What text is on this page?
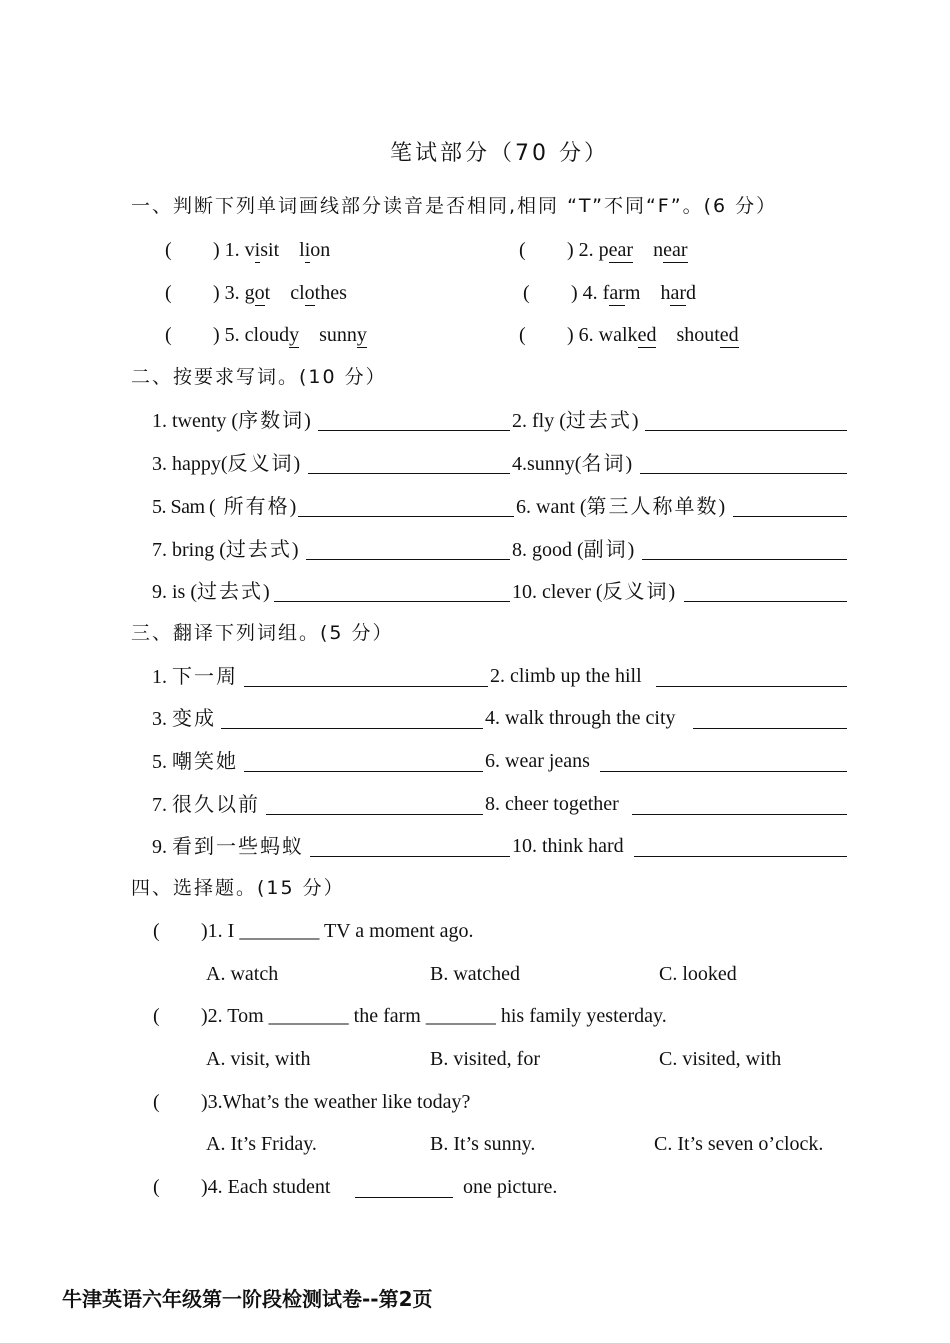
笔试部分（70 分）
一、判断下列单词画线部分读音是否相同,相同 “T”不同“F”。(6 分）
( ) 1. visit lion	( ) 2. pear near
( ) 3. got clothes	( ) 4. farm hard
( ) 5. cloudy sunny	( ) 6. walked shouted
二、按要求写词。(10 分）
1. twenty (序数词)	2. fly (过去式)
3. happy(反义词)	4.sunny(名词)
5. Sam ( 所有格)	6. want (第三人称单数)
7. bring (过去式)	8. good (副词)
9. is (过去式)	10. clever (反义词)
三、翻译下列词组。(5 分）
1. 下一周	2. climb up the hill
3. 变成	4. walk through the city
5. 嘲笑她	6. wear jeans
7. 很久以前	8. cheer together
9. 看到一些蚂蚁	10. think hard
四、选择题。(15 分）
( )1. I ________ TV a moment ago.
A. watch	B. watched	C. looked
( )2. Tom ________ the farm _______ his family yesterday.
A. visit, with	B. visited, for	C. visited, with
( )3.What’s the weather like today?
A. It’s Friday.	B. It’s sunny.	C. It’s seven o’clock.
( )4. Each student	one picture.
牛津英语六年级第一阶段检测试卷--第2页
